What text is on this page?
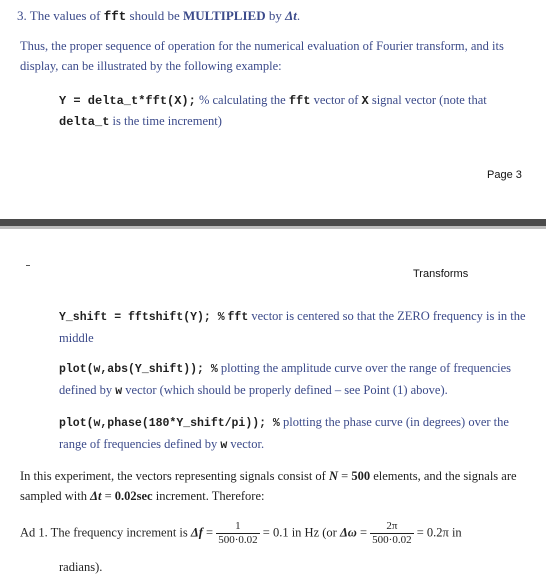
3. The values of fft should be MULTIPLIED by Δt.
Thus, the proper sequence of operation for the numerical evaluation of Fourier transform, and its display, can be illustrated by the following example:
Y = delta_t*fft(X); % calculating the fft vector of X signal vector (note that
delta_t is the time increment)
Page 3
Transforms
Y_shift = fftshift(Y); % fft vector is centered so that the ZERO frequency is in the middle
plot(w,abs(Y_shift)); % plotting the amplitude curve over the range of frequencies defined by w vector (which should be properly defined – see Point (1) above).
plot(w,phase(180*Y_shift/pi)); % plotting the phase curve (in degrees) over the range of frequencies defined by w vector.
In this experiment, the vectors representing signals consist of N = 500 elements, and the signals are sampled with Δt = 0.02sec increment. Therefore:
Ad 1. The frequency increment is $\Delta f = \frac{1}{500\cdot 0.02} = 0.1$ in Hz (or $\Delta\omega = \frac{2\pi}{500\cdot 0.02} = 0.2\pi$ in
radians).
